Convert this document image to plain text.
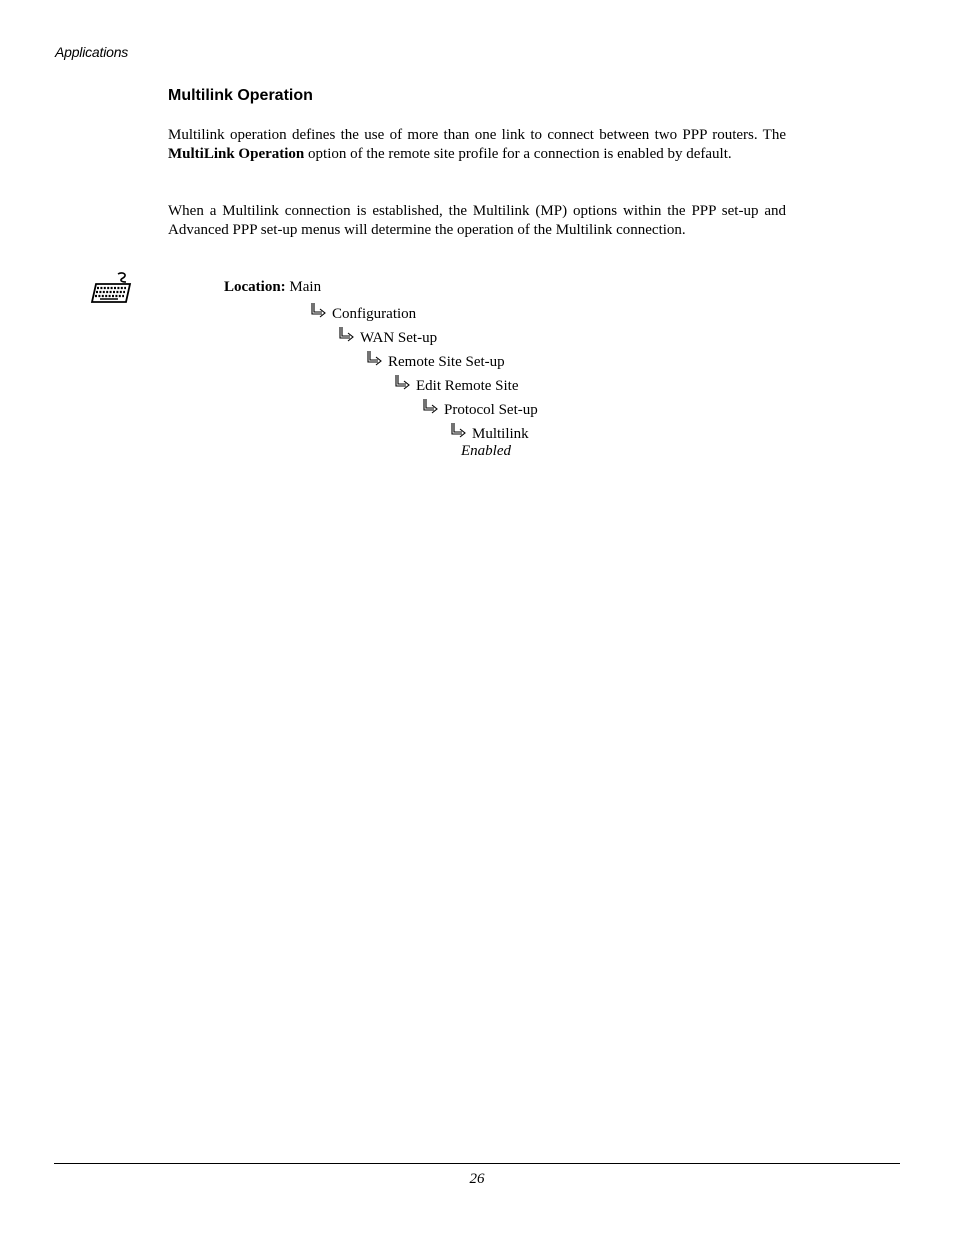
Applications
Multilink Operation

Multilink operation defines the use of more than one link to connect between two PPP routers. The MultiLink Operation option of the remote site profile for a connection is enabled by default.

When a Multilink connection is established, the Multilink (MP) options within the PPP set-up and Advanced PPP set-up menus will determine the operation of the Multilink connection.

Location: Main
Configuration
WAN Set-up
Remote Site Set-up
Edit Remote Site
Protocol Set-up
Multilink
Enabled
26
